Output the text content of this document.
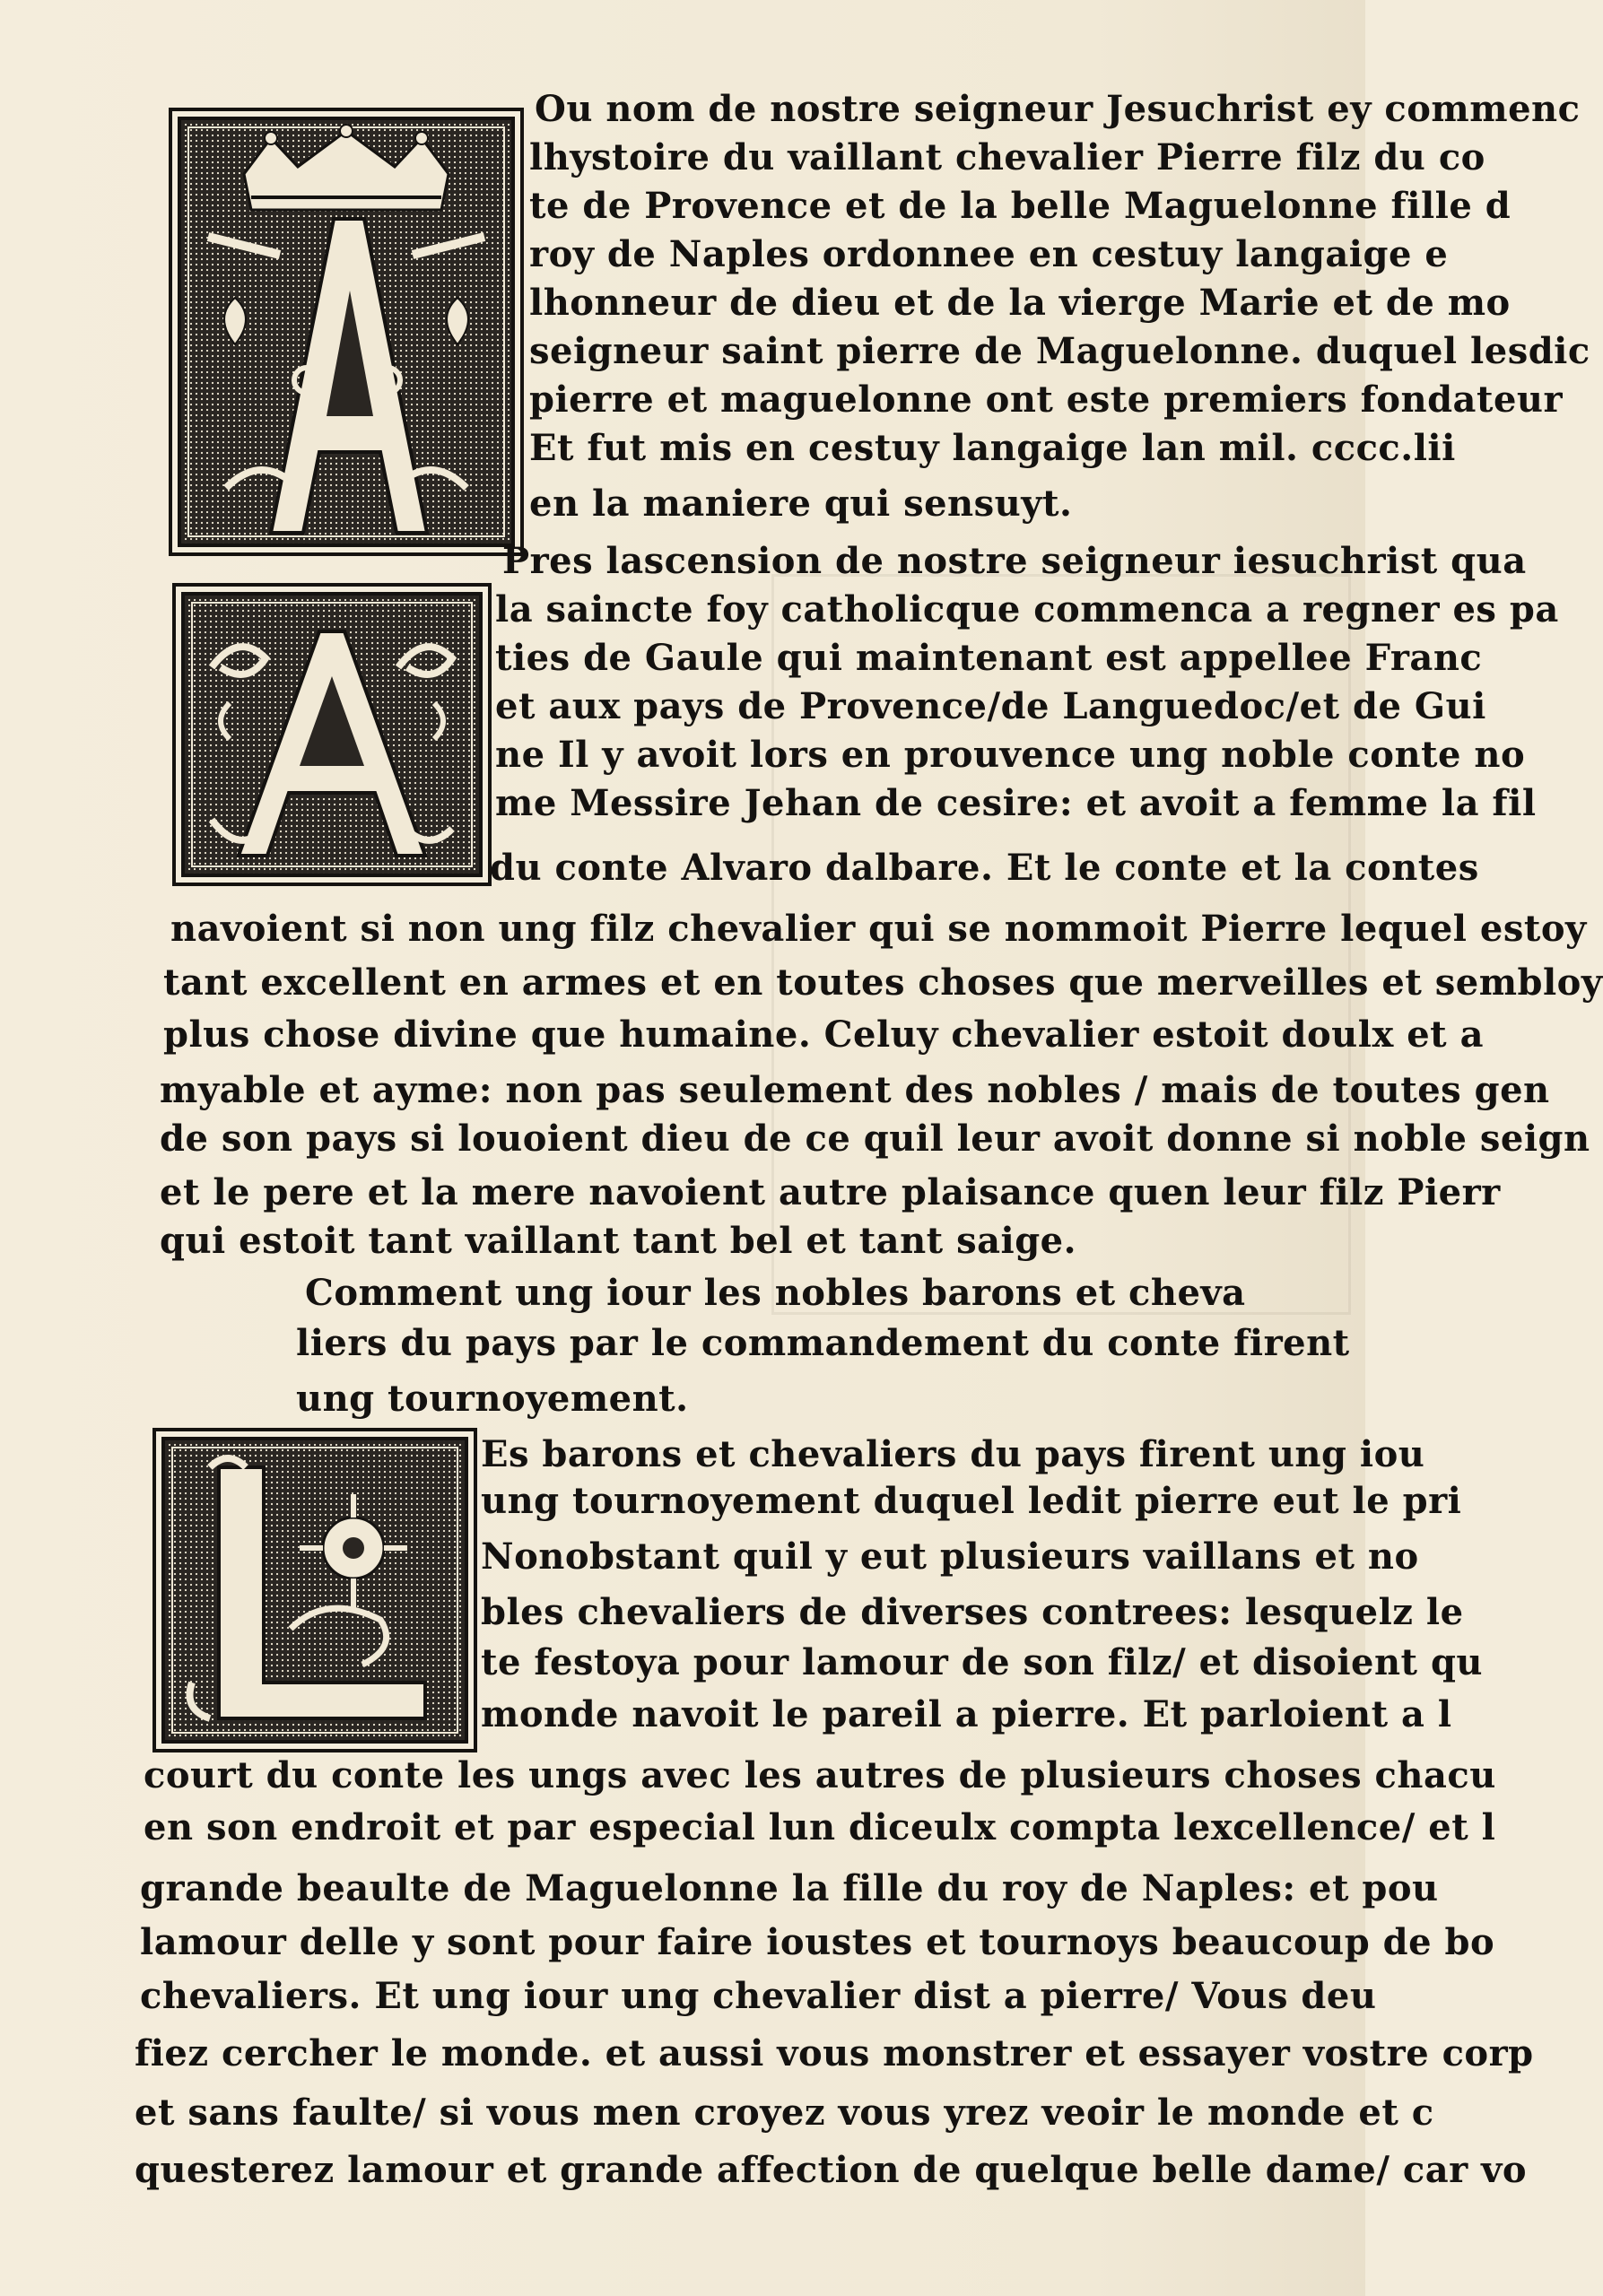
Ou nom de nostre seigneur Jesuchrist ey commenc
lhystoire du vaillant chevalier Pierre filz du co
te de Provence et de la belle Maguelonne fille d
roy de Naples ordonnee en cestuy langaige e
lhonneur de dieu et de la vierge Marie et de mo
seigneur saint pierre de Maguelonne. duquel lesdic
pierre et maguelonne ont este premiers fondateur
Et fut mis en cestuy langaige lan mil. cccc.lii
en la maniere qui sensuyt.
Pres lascension de nostre seigneur iesuchrist qua
la saincte foy catholicque commenca a regner es pa
ties de Gaule qui maintenant est appellee Franc
et aux pays de Provence/de Languedoc/et de Gui
ne Il y avoit lors en prouvence ung noble conte no
me Messire Jehan de cesire: et avoit a femme la fil
du conte Alvaro dalbare. Et le conte et la contes
navoient si non ung filz chevalier qui se nommoit Pierre lequel estoy
tant excellent en armes et en toutes choses que merveilles et sembloy
plus chose divine que humaine. Celuy chevalier estoit doulx et a
myable et ayme: non pas seulement des nobles / mais de toutes gen
de son pays si louoient dieu de ce quil leur avoit donne si noble seign
et le pere et la mere navoient autre plaisance quen leur filz Pierr
qui estoit tant vaillant tant bel et tant saige.
Comment ung iour les nobles barons et cheva
liers du pays par le commandement du conte firent
ung tournoyement.
Es barons et chevaliers du pays firent ung iou
ung tournoyement duquel ledit pierre eut le pri
Nonobstant quil y eut plusieurs vaillans et no
bles chevaliers de diverses contrees: lesquelz le
te festoya pour lamour de son filz/ et disoient qu
monde navoit le pareil a pierre. Et parloient a l
court du conte les ungs avec les autres de plusieurs choses chacu
en son endroit et par especial lun diceulx compta lexcellence/ et l
grande beaulte de Maguelonne la fille du roy de Naples: et pou
lamour delle y sont pour faire ioustes et tournoys beaucoup de bo
chevaliers. Et ung iour ung chevalier dist a pierre/ Vous deu
fiez cercher le monde. et aussi vous monstrer et essayer vostre corp
et sans faulte/ si vous men croyez vous yrez veoir le monde et c
questerez lamour et grande affection de quelque belle dame/ car vo
